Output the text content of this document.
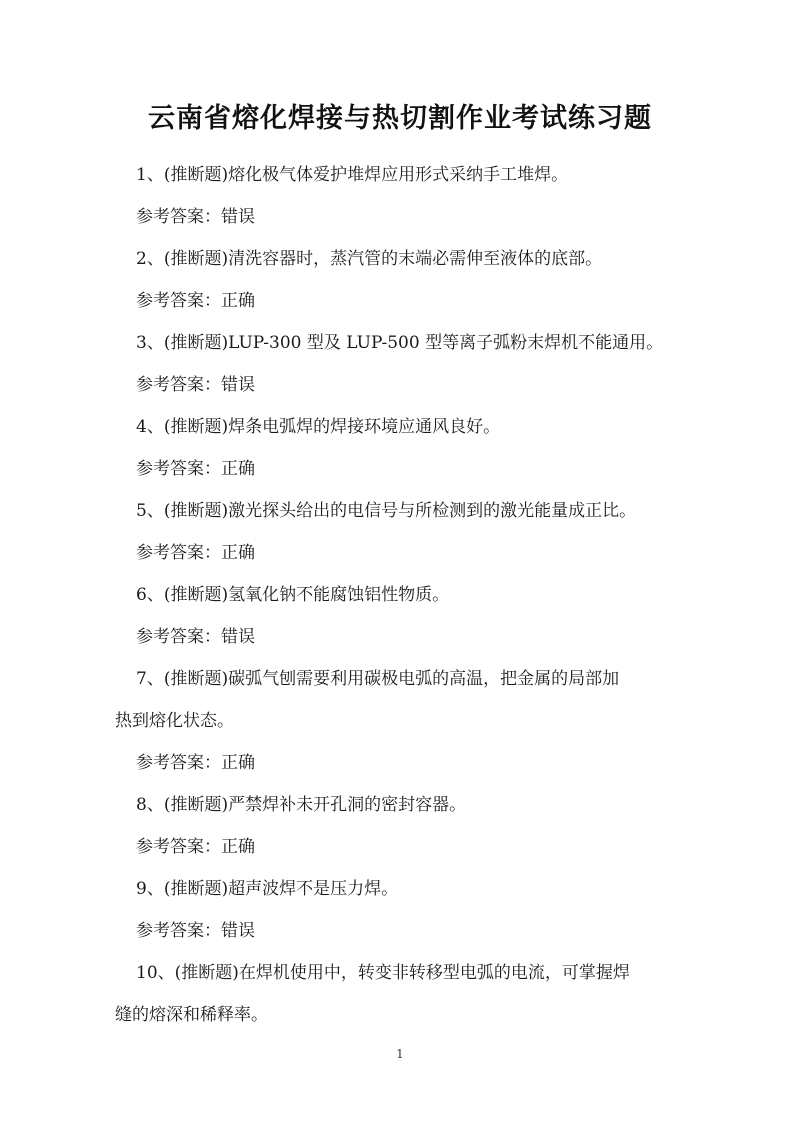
云南省熔化焊接与热切割作业考试练习题
1、(推断题)熔化极气体爱护堆焊应用形式采纳手工堆焊。
参考答案：错误
2、(推断题)清洗容器时，蒸汽管的末端必需伸至液体的底部。
参考答案：正确
3、(推断题)LUP-300 型及 LUP-500 型等离子弧粉末焊机不能通用。
参考答案：错误
4、(推断题)焊条电弧焊的焊接环境应通风良好。
参考答案：正确
5、(推断题)激光探头给出的电信号与所检测到的激光能量成正比。
参考答案：正确
6、(推断题)氢氧化钠不能腐蚀铝性物质。
参考答案：错误
7、(推断题)碳弧气刨需要利用碳极电弧的高温，把金属的局部加
热到熔化状态。
参考答案：正确
8、(推断题)严禁焊补未开孔洞的密封容器。
参考答案：正确
9、(推断题)超声波焊不是压力焊。
参考答案：错误
10、(推断题)在焊机使用中，转变非转移型电弧的电流，可掌握焊
缝的熔深和稀释率。
1
